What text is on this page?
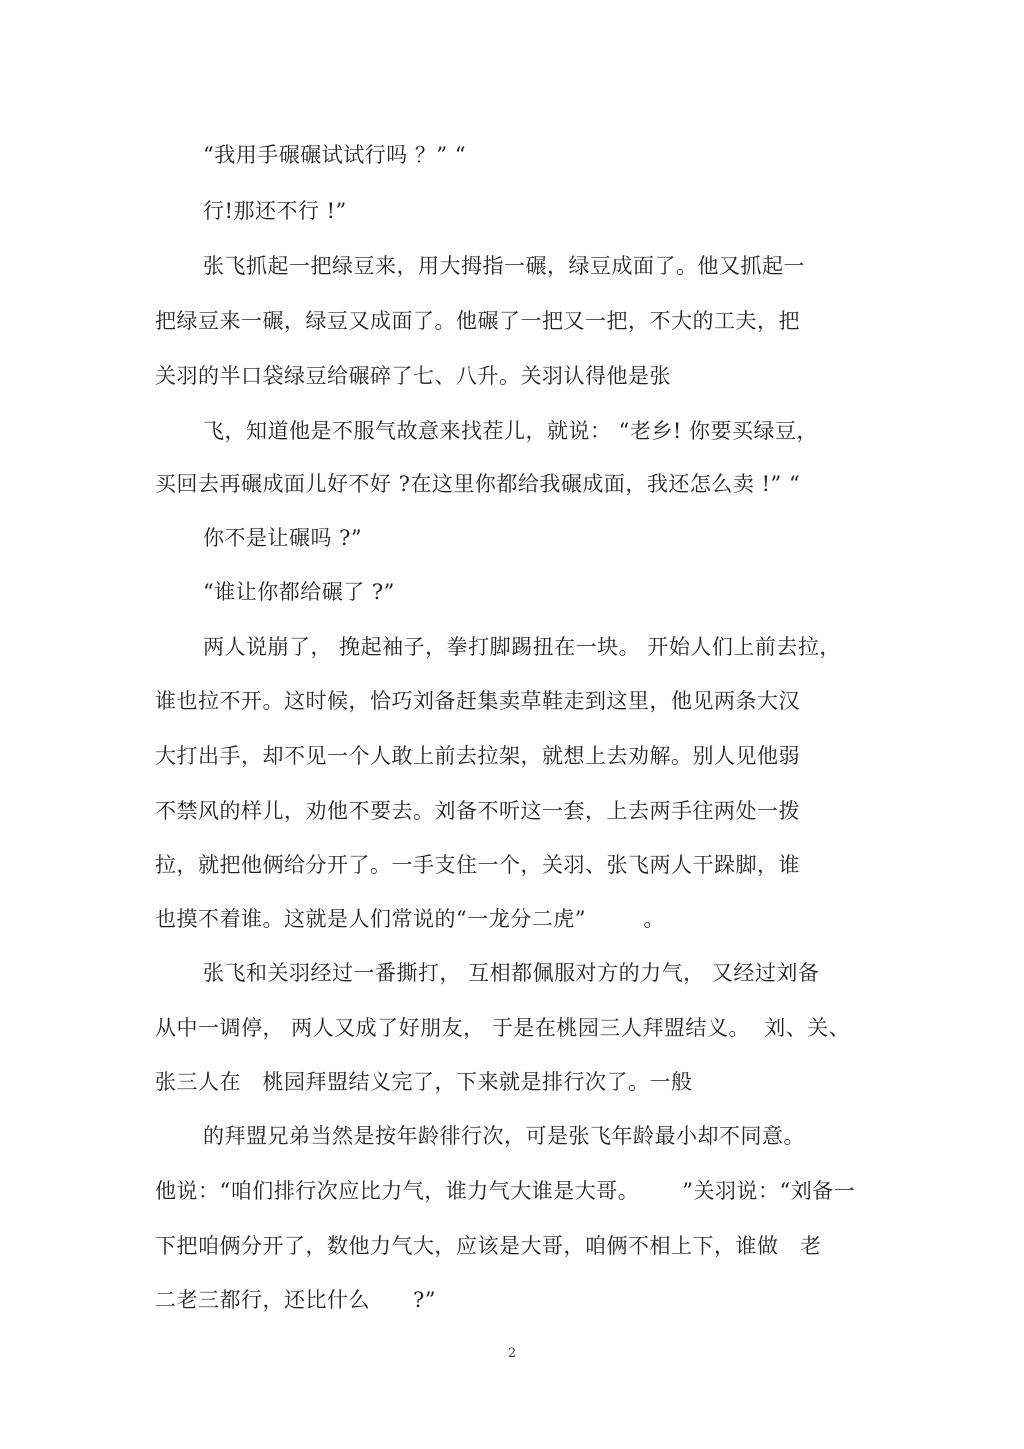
“我用手碾碾试试行吗 ？” “
行!那还不行 !”
张飞抓起一把绿豆来，用大拇指一碾，绿豆成面了。他又抓起一
把绿豆来一碾，绿豆又成面了。他碾了一把又一把，不大的工夫，把
关羽的半口袋绿豆给碾碎了七、八升。关羽认得他是张
飞，知道他是不服气故意来找茬儿，就说： “老乡! 你要买绿豆，
买回去再碾成面儿好不好 ?在这里你都给我碾成面，我还怎么卖 !” “
你不是让碾吗 ?”
“谁让你都给碾了 ?”
两人说崩了， 挽起袖子，拳打脚踢扭在一块。 开始人们上前去拉，
谁也拉不开。这时候，恰巧刘备赶集卖草鞋走到这里，他见两条大汉
大打出手，却不见一个人敢上前去拉架，就想上去劝解。别人见他弱
不禁风的样儿，劝他不要去。刘备不听这一套，上去两手往两处一拨
拉，就把他俩给分开了。一手支住一个，关羽、张飞两人干跺脚，谁
也摸不着谁。这就是人们常说的“一龙分二虎”        。
张飞和关羽经过一番撕打， 互相都佩服对方的力气， 又经过刘备
从中一调停， 两人又成了好朋友， 于是在桃园三人拜盟结义。  刘、关、
张三人在   桃园拜盟结义完了，下来就是排行次了。一般
的拜盟兄弟当然是按年龄徘行次，可是张飞年龄最小却不同意。
他说：“咱们排行次应比力气，谁力气大谁是大哥。      ”关羽说：“刘备一
下把咱俩分开了，数他力气大，应该是大哥，咱俩不相上下，谁做   老
二老三都行，还比什么      ?”
2
